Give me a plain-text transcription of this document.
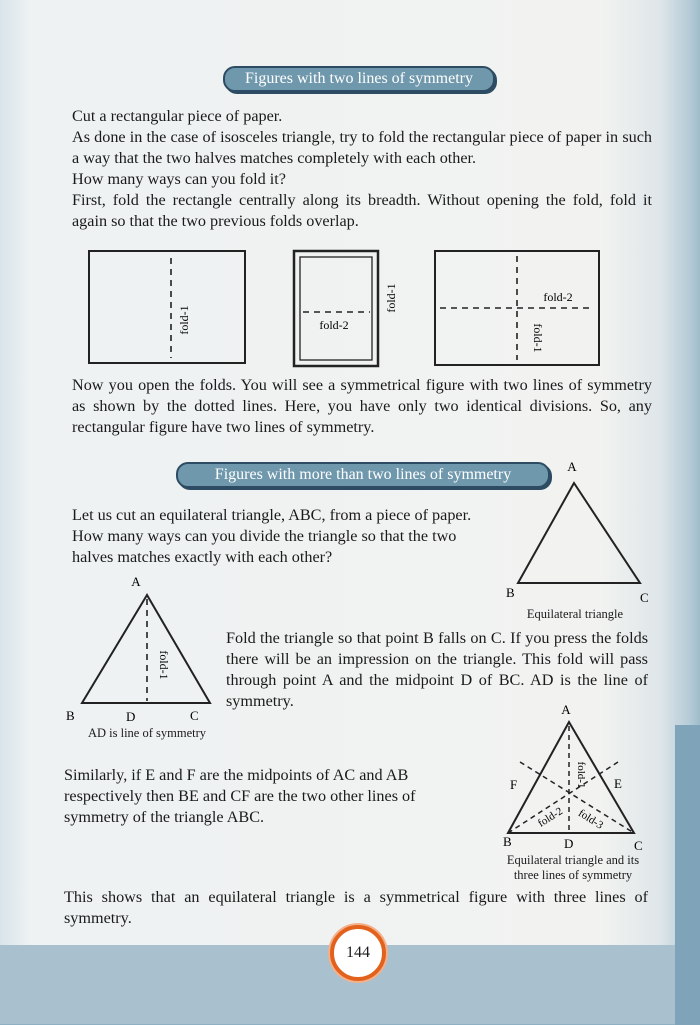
Figures with two lines of symmetry
Cut a rectangular piece of paper.
As done in the case of isosceles triangle, try to fold the rectangular piece of paper in such a way that the two halves matches completely with each other.
How many ways can you fold it?
First, fold the rectangle centrally along its breadth. Without opening the fold, fold it again so that the two previous folds overlap.
fold-1	fold-2
fold-1	fold-2
fold-1
Now you open the folds. You will see a symmetrical figure with two lines of symmetry as shown by the dotted lines. Here, you have only two identical divisions. So, any rectangular figure have two lines of symmetry.
Figures with more than two lines of symmetry
Let us cut an equilateral triangle, ABC, from a piece of paper. How many ways can you divide the triangle so that the two halves matches exactly with each other?
A
B	C
Equilateral triangle
A
fold-1
B	D	C
AD is line of symmetry
Fold the triangle so that point B falls on C. If you press the folds there will be an impression on the triangle. This fold will pass through point A and the midpoint D of BC. AD is the line of symmetry.
Similarly, if E and F are the midpoints of AC and AB respectively then BE and CF are the two other lines of symmetry of the triangle ABC.
A
fold-1
fold-2 fold-3
F	E
B	D	C
Equilateral triangle and its
three lines of symmetry
This shows that an equilateral triangle is a symmetrical figure with three lines of symmetry.
144
